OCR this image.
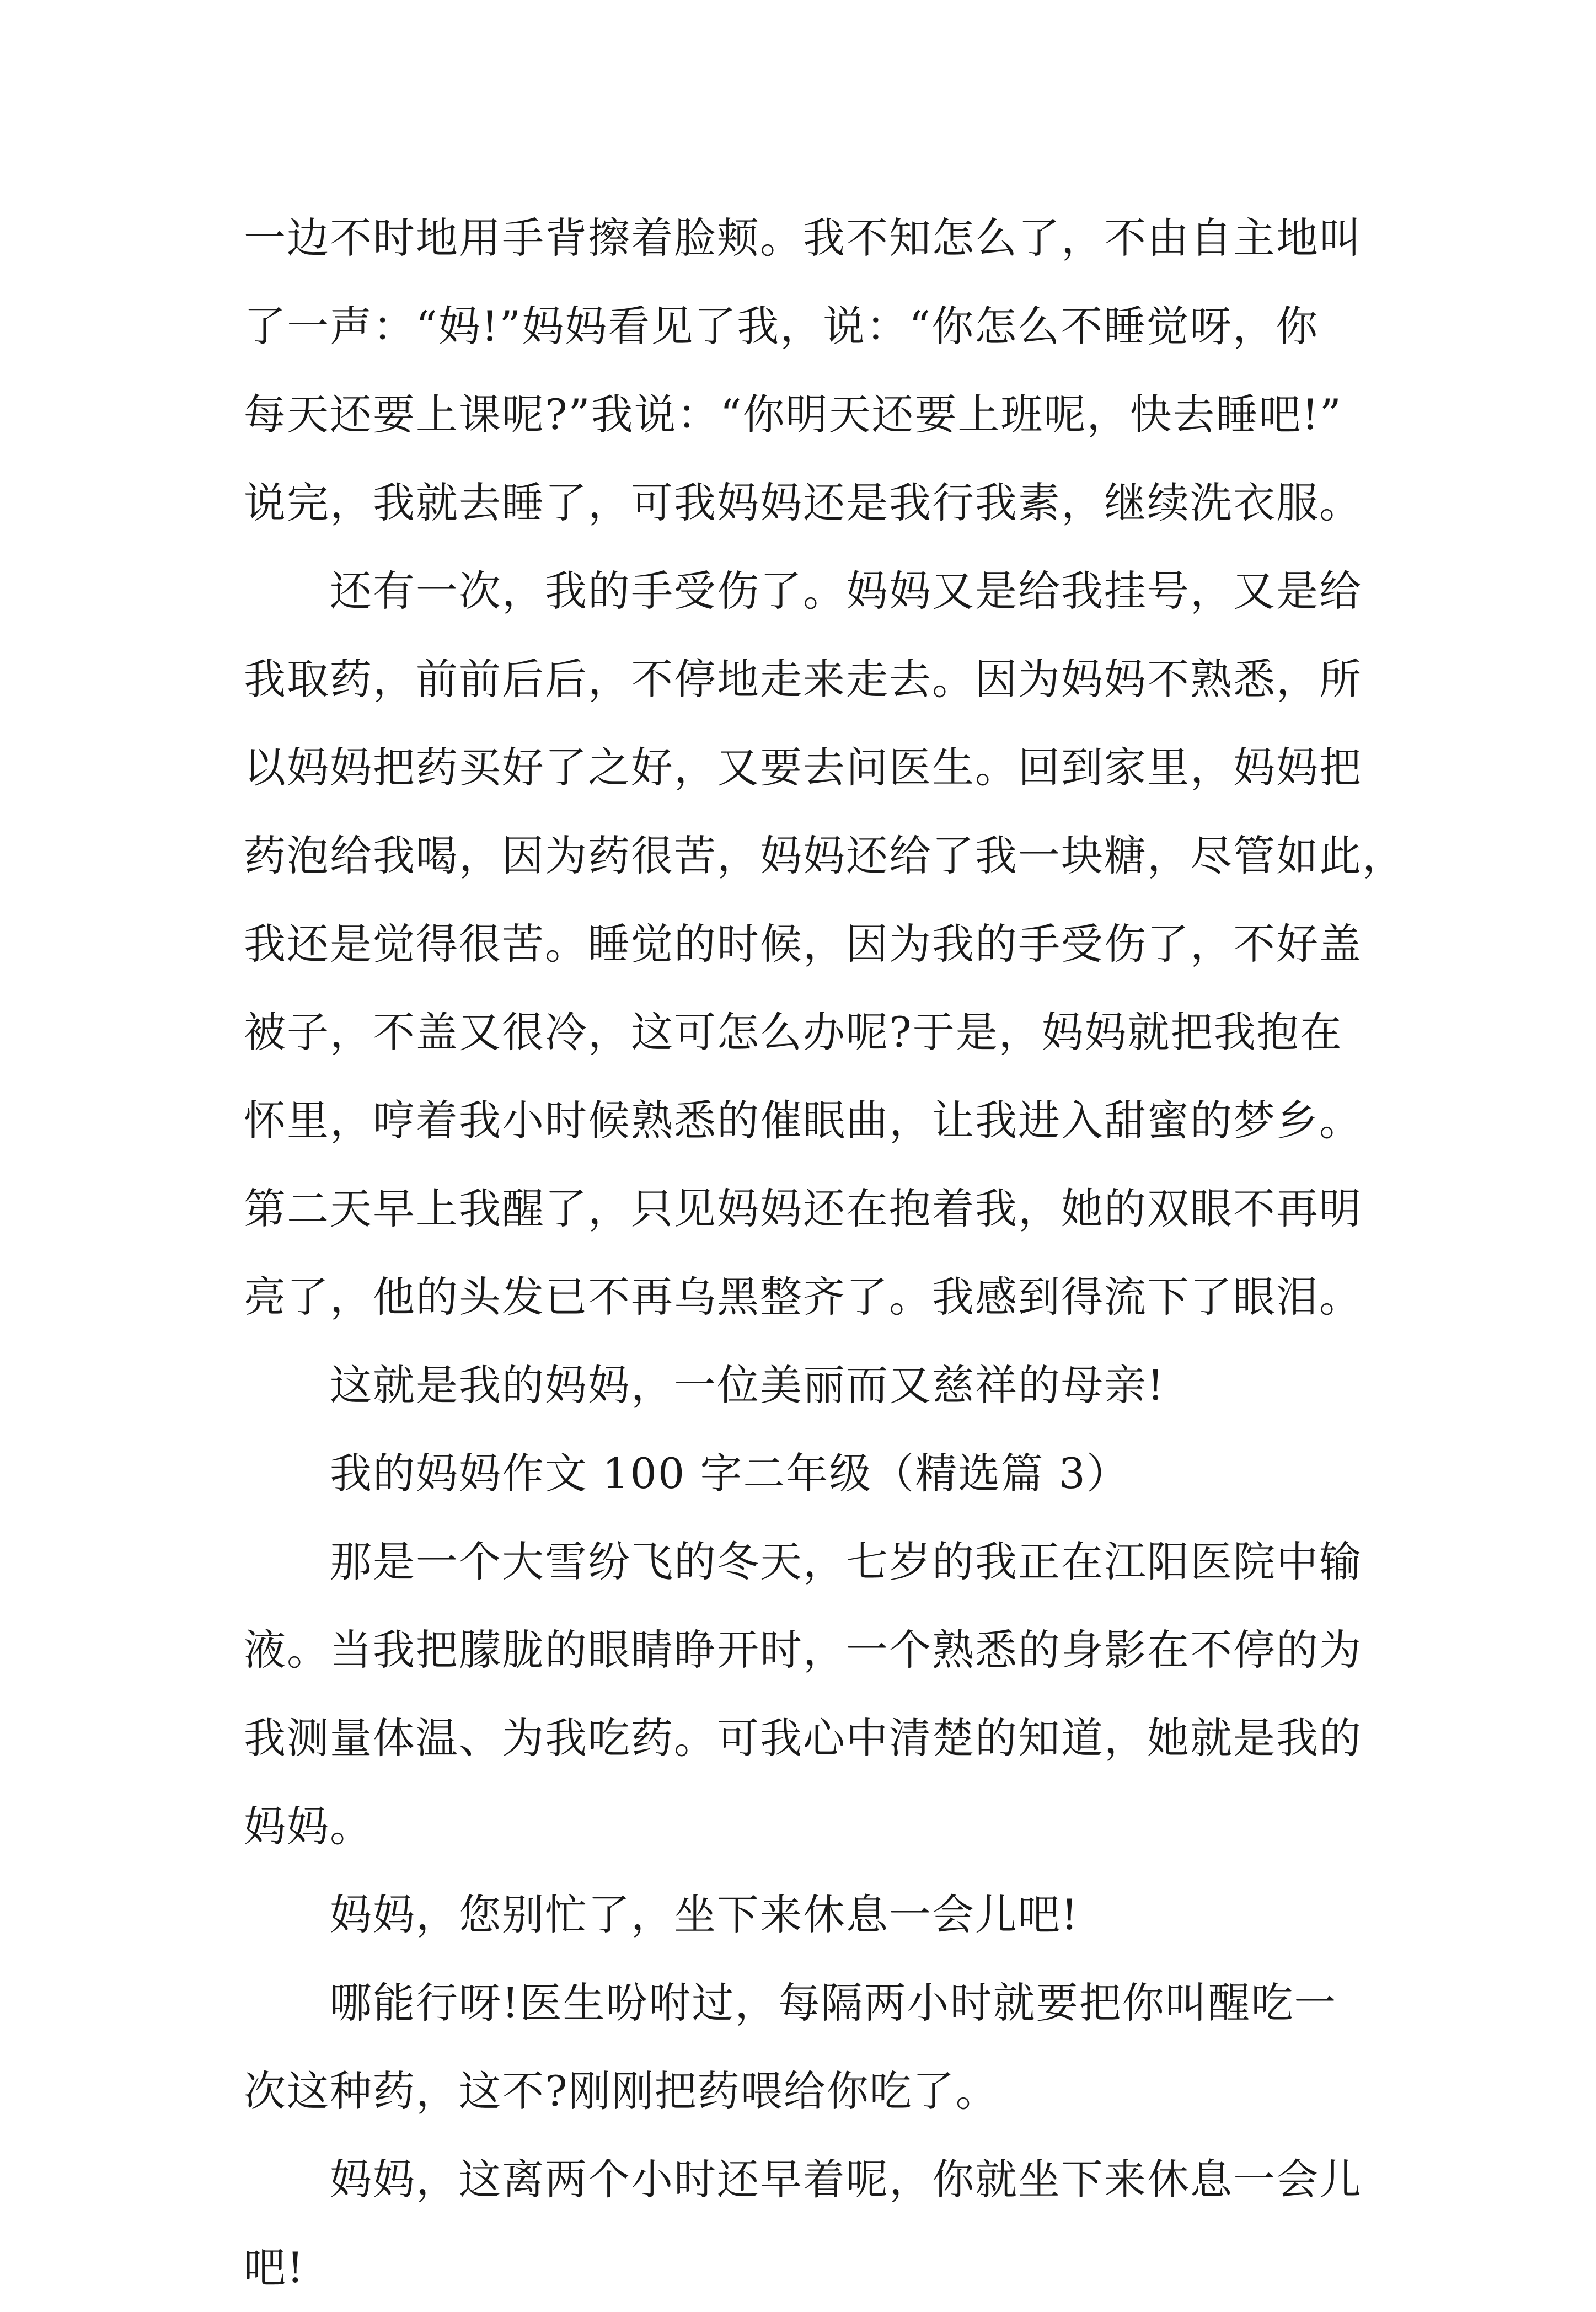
一边不时地用手背擦着脸颊。我不知怎么了，不由自主地叫
了一声：“妈!”妈妈看见了我，说：“你怎么不睡觉呀，你
每天还要上课呢?”我说：“你明天还要上班呢，快去睡吧!”
说完，我就去睡了，可我妈妈还是我行我素，继续洗衣服。
还有一次，我的手受伤了。妈妈又是给我挂号，又是给
我取药，前前后后，不停地走来走去。因为妈妈不熟悉，所
以妈妈把药买好了之好，又要去问医生。回到家里，妈妈把
药泡给我喝，因为药很苦，妈妈还给了我一块糖，尽管如此，
我还是觉得很苦。睡觉的时候，因为我的手受伤了，不好盖
被子，不盖又很冷，这可怎么办呢?于是，妈妈就把我抱在
怀里，哼着我小时候熟悉的催眠曲，让我进入甜蜜的梦乡。
第二天早上我醒了，只见妈妈还在抱着我，她的双眼不再明
亮了，他的头发已不再乌黑整齐了。我感到得流下了眼泪。
这就是我的妈妈，一位美丽而又慈祥的母亲!
我的妈妈作文 100 字二年级（精选篇 3）
那是一个大雪纷飞的冬天，七岁的我正在江阳医院中输
液。当我把朦胧的眼睛睁开时，一个熟悉的身影在不停的为
我测量体温、为我吃药。可我心中清楚的知道，她就是我的
妈妈。
妈妈，您别忙了，坐下来休息一会儿吧!
哪能行呀!医生吩咐过，每隔两小时就要把你叫醒吃一
次这种药，这不?刚刚把药喂给你吃了。
妈妈，这离两个小时还早着呢，你就坐下来休息一会儿
吧!
